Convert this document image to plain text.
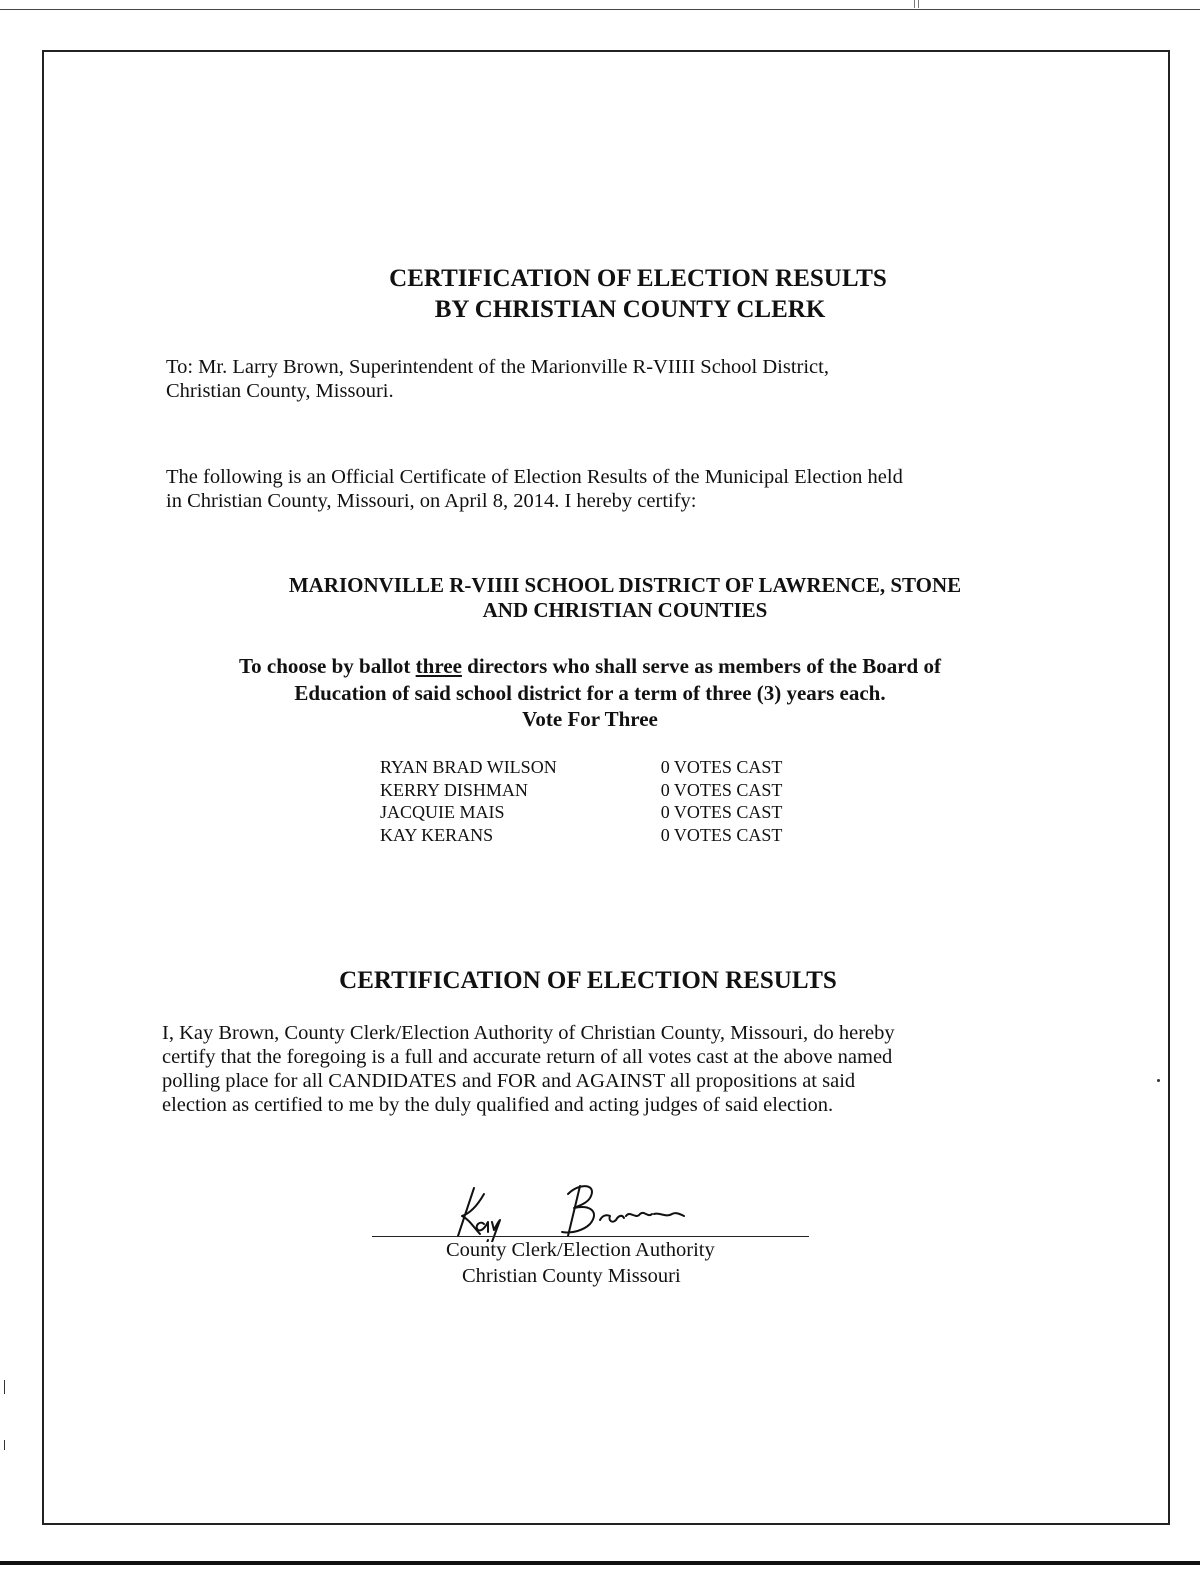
CERTIFICATION OF ELECTION RESULTS
BY CHRISTIAN COUNTY CLERK
To: Mr. Larry Brown, Superintendent of the Marionville R-VIIII School District,
Christian County, Missouri.
The following is an Official Certificate of Election Results of the Municipal Election held
in Christian County, Missouri, on April 8, 2014. I hereby certify:
MARIONVILLE R-VIIII SCHOOL DISTRICT OF LAWRENCE, STONE
AND CHRISTIAN COUNTIES
To choose by ballot three directors who shall serve as members of the Board of
Education of said school district for a term of three (3) years each.
Vote For Three
RYAN BRAD WILSON	0 VOTES CAST
KERRY DISHMAN	0 VOTES CAST
JACQUIE MAIS	0 VOTES CAST
KAY KERANS	0 VOTES CAST
CERTIFICATION OF ELECTION RESULTS
I, Kay Brown, County Clerk/Election Authority of Christian County, Missouri, do hereby
certify that the foregoing is a full and accurate return of all votes cast at the above named
polling place for all CANDIDATES and FOR and AGAINST all propositions at said
election as certified to me by the duly qualified and acting judges of said election.
County Clerk/Election Authority
Christian County Missouri
